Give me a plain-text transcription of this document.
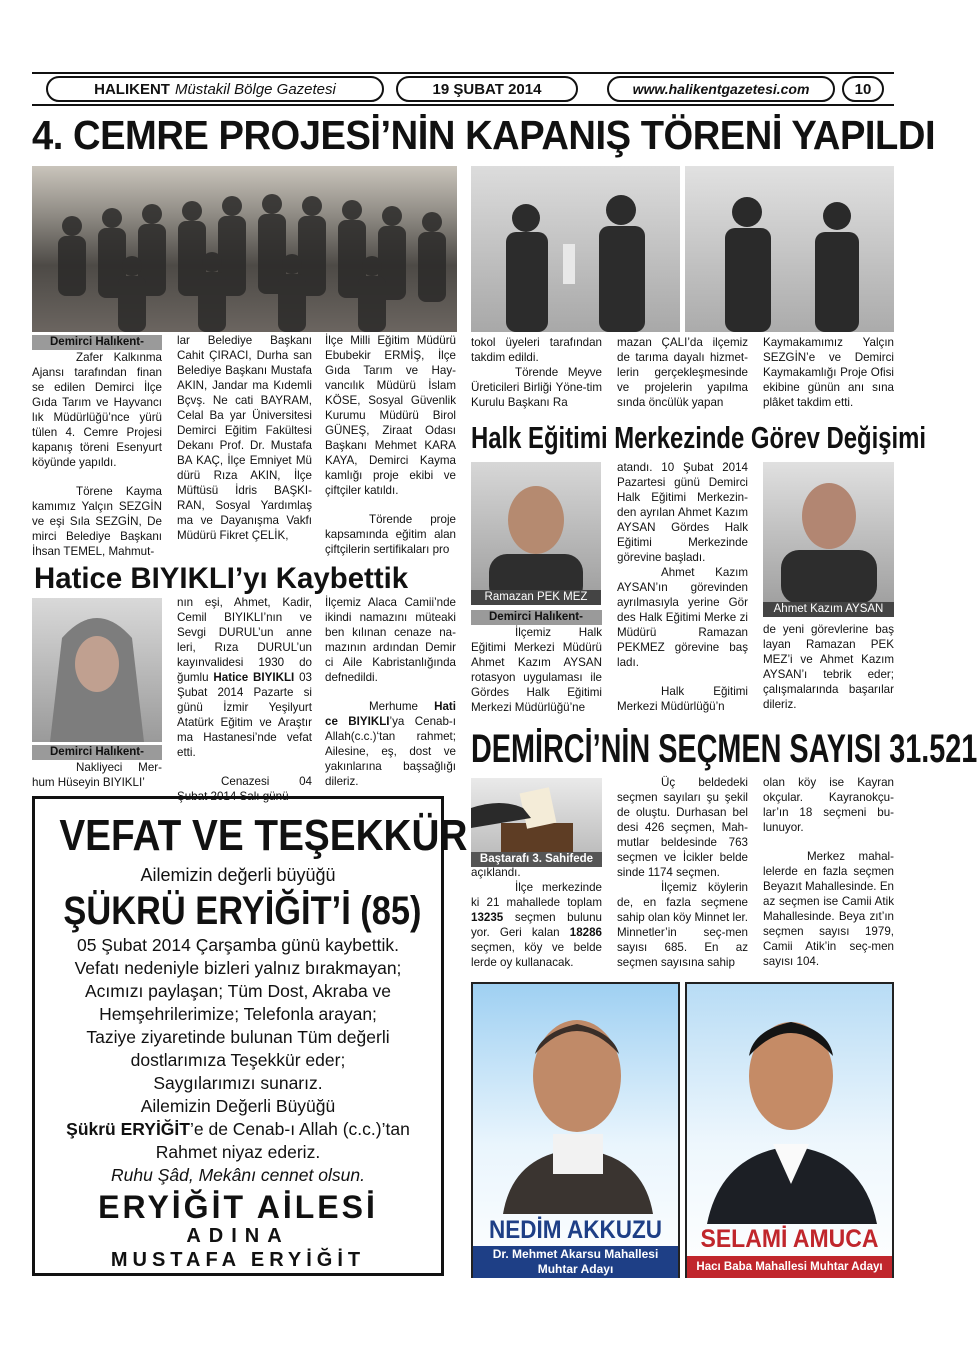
HALIKENT Müstakil Bölge Gazetesi	19 ŞUBAT 2014	www.halikentgazetesi.com	10
4. CEMRE PROJESİ’NİN KAPANIŞ TÖRENİ YAPILDI
Demirci Halıkent-

Zafer Kalkınma Ajansı tarafından finan se edilen Demirci İlçe Gıda Tarım ve Hayvancı lık Müdürlüğü’nce yürü tülen 4. Cemre Projesi kapanış töreni Esenyurt köyünde yapıldı.

Törene Kayma kamımız Yalçın SEZGİN ve eşi Sıla SEZGİN, De mirci Belediye Başkanı İhsan TEMEL, Mahmut-

lar Belediye Başkanı Cahit ÇIRACI, Durha san Belediye Başkanı Mustafa AKIN, Jandar ma Kıdemli Bçvş. Ne cati BAYRAM, Celal Ba yar Üniversitesi Demirci Eğitim Fakültesi Dekanı Prof. Dr. Mustafa BA KAÇ, İlçe Emniyet Mü dürü Rıza AKIN, İlçe Müftüsü İdris BAŞKI-RAN, Sosyal Yardımlaş ma ve Dayanışma Vakfı Müdürü Fikret ÇELİK,

İlçe Milli Eğitim Müdürü Ebubekir ERMİŞ, İlçe Gıda Tarım ve Hay-vancılık Müdürü İslam KÖSE, Sosyal Güvenlik Kurumu Müdürü Birol GÜNEŞ, Ziraat Odası Başkanı Mehmet KARA KAYA, Demirci Kayma kamlığı proje ekibi ve çiftçiler katıldı.

Törende proje kapsamında eğitim alan çiftçilerin sertifikaları pro

tokol üyeleri tarafından takdim edildi.

Törende Meyve Üreticileri Birliği Yöne-tim Kurulu Başkanı Ra

mazan ÇALI’da ilçemiz de tarıma dayalı hizmet-lerin gerçekleşmesinde ve projelerin yapılma sında öncülük yapan

Kaymakamımız Yalçın SEZGİN’e ve Demirci Kaymakamlığı Proje Ofisi ekibine günün anı sına plâket takdim etti.

Halk Eğitimi Merkezinde Görev Değişimi
Ramazan PEK MEZ
Ahmet Kazım AYSAN
Demirci Halıkent-

İlçemiz Halk Eğitimi Merkezi Müdürü Ahmet Kazım AYSAN rotasyon uygulaması ile Gördes Halk Eğitimi Merkezi Müdürlüğü’ne

atandı. 10 Şubat 2014 Pazartesi günü Demirci Halk Eğitimi Merkezin-den ayrılan Ahmet Kazım AYSAN Gördes Halk Eğitimi Merkezinde görevine başladı.

Ahmet Kazım AYSAN’ın görevinden ayrılmasıyla yerine Gör des Halk Eğitimi Merke zi Müdürü Ramazan PEKMEZ görevine baş ladı.

Halk Eğitimi Merkezi Müdürlüğü’n

de yeni görevlerine baş layan Ramazan PEK MEZ’i ve Ahmet Kazım AYSAN’ı tebrik eder; çalışmalarında başarılar dileriz.

Hatice BIYIKLI’yı Kaybettik
Demirci Halıkent-

Nakliyeci Mer-hum Hüseyin BIYIKLI’

nın eşi, Ahmet, Kadir, Cemil BIYIKLI’nın ve Sevgi DURUL’un anne leri, Rıza DURUL’un kayınvalidesi 1930 do ğumlu Hatice BIYIKLI 03 Şubat 2014 Pazarte si günü İzmir Yeşilyurt Atatürk Eğitim ve Araştır ma Hastanesi’nde vefat etti.

Cenazesi 04 Şubat 2014 Salı günü

İlçemiz Alaca Camii’nde ikindi namazını müteaki ben kılınan cenaze na-mazının ardından Demir ci Aile Kabristanlığında defnedildi.

Merhume Hati ce BIYIKLI’ya Cenab-ı Allah(c.c.)‘tan rahmet; Ailesine, eş, dost ve yakınlarına başsağlığı dileriz.

DEMİRCİ’NİN SEÇMEN SAYISI 31.521
Baştarafı 3. Sahifede

açıklandı.

İlçe merkezinde ki 21 mahallede toplam 13235 seçmen bulunu yor. Geri kalan 18286 seçmen, köy ve belde lerde oy kullanacak.

Üç beldedeki seçmen sayıları şu şekil de oluştu. Durhasan bel desi 426 seçmen, Mah-mutlar beldesinde 763 seçmen ve İcikler belde sinde 1174 seçmen.

İlçemiz köylerin de, en fazla seçmene sahip olan köy Minnet ler. Minnetler’in seç-men sayısı 685. En az seçmen sayısına sahip

olan köy ise Kayran okçular. Kayranokçu-lar’ın 18 seçmeni bu-lunuyor.

Merkez mahal-lelerde en fazla seçmen Beyazıt Mahallesinde. En az seçmen ise Camii Atik Mahallesinde. Beya zıt’ın seçmen sayısı 1979, Camii Atik’in seç-men sayısı 104.

VEFAT VE TEŞEKKÜR
Ailemizin değerli büyüğü
ŞÜKRÜ ERYİĞİT’İ (85)
05 Şubat 2014 Çarşamba günü kaybettik.
Vefatı nedeniyle bizleri yalnız bırakmayan;
Acımızı paylaşan; Tüm Dost, Akraba ve
Hemşehrilerimize; Telefonla arayan;
Taziye ziyaretinde bulunan Tüm değerli
dostlarımıza Teşekkür eder;
Saygılarımızı sunarız.
Ailemizin Değerli Büyüğü
Şükrü ERYİĞİT’e de Cenab-ı Allah (c.c.)’tan
Rahmet niyaz ederiz.
Ruhu Şâd, Mekânı cennet olsun.
ERYİĞİT AİLESİ
ADINA
MUSTAFA ERYİĞİT
NEDİM AKKUZU
Dr. Mehmet Akarsu Mahallesi
Muhtar Adayı
SELAMİ AMUCA
Hacı Baba Mahallesi Muhtar Adayı
